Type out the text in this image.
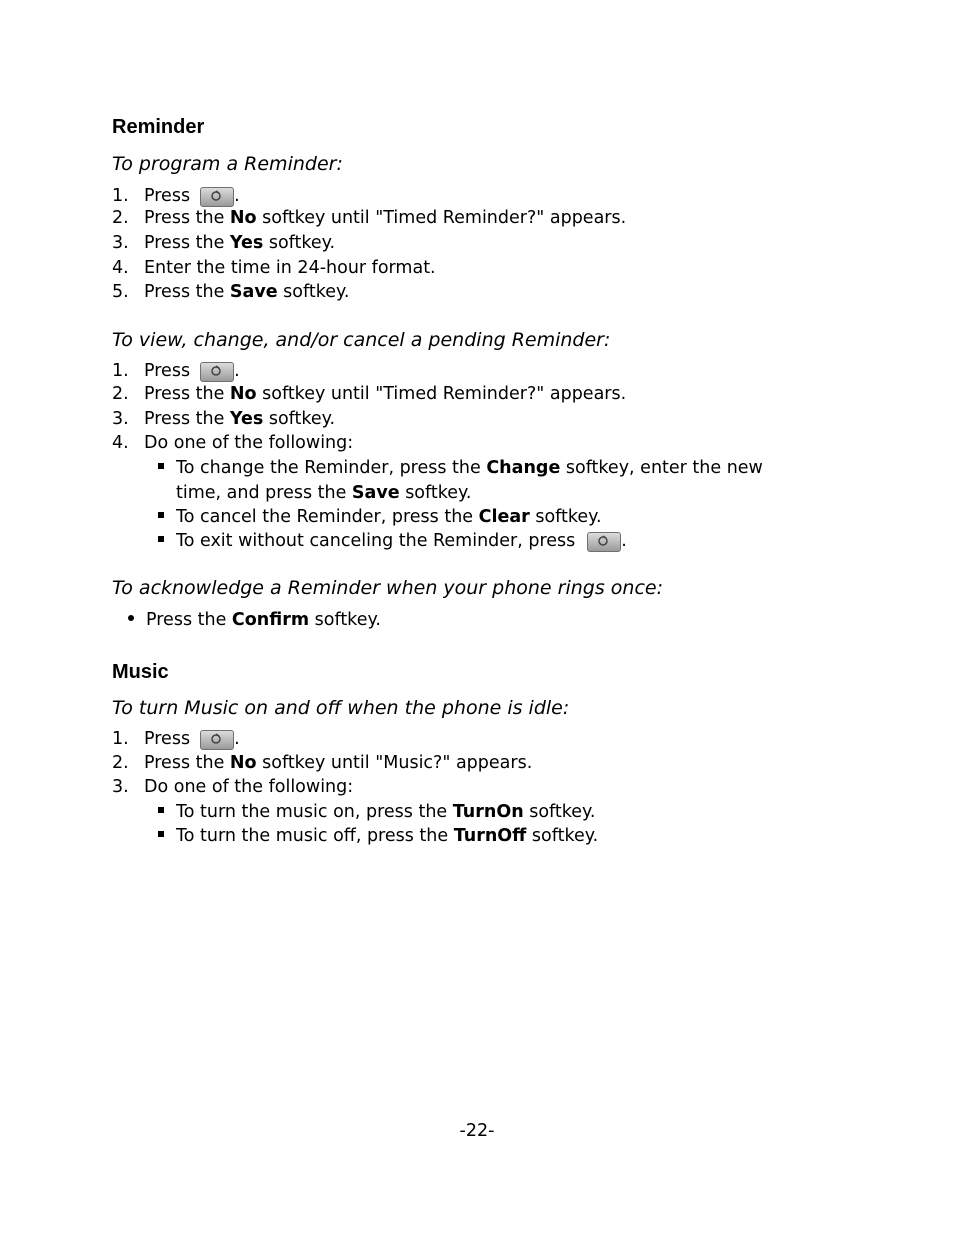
Reminder

To program a Reminder:

1. Press	.
2. Press the No softkey until "Timed Reminder?" appears.
3. Press the Yes softkey.
4. Enter the time in 24-hour format.
5. Press the Save softkey.

To view, change, and/or cancel a pending Reminder:

1. Press	.
2. Press the No softkey until "Timed Reminder?" appears.
3. Press the Yes softkey.
4. Do one of the following:
To change the Reminder, press the Change softkey, enter the new
time, and press the Save softkey.
To cancel the Reminder, press the Clear softkey.
To exit without canceling the Reminder, press	.

To acknowledge a Reminder when your phone rings once:

Press the Confirm softkey.
Music

To turn Music on and off when the phone is idle:

1. Press	.
2. Press the No softkey until "Music?" appears.
3. Do one of the following:
To turn the music on, press the TurnOn softkey.
To turn the music off, press the TurnOff softkey.
-22-
